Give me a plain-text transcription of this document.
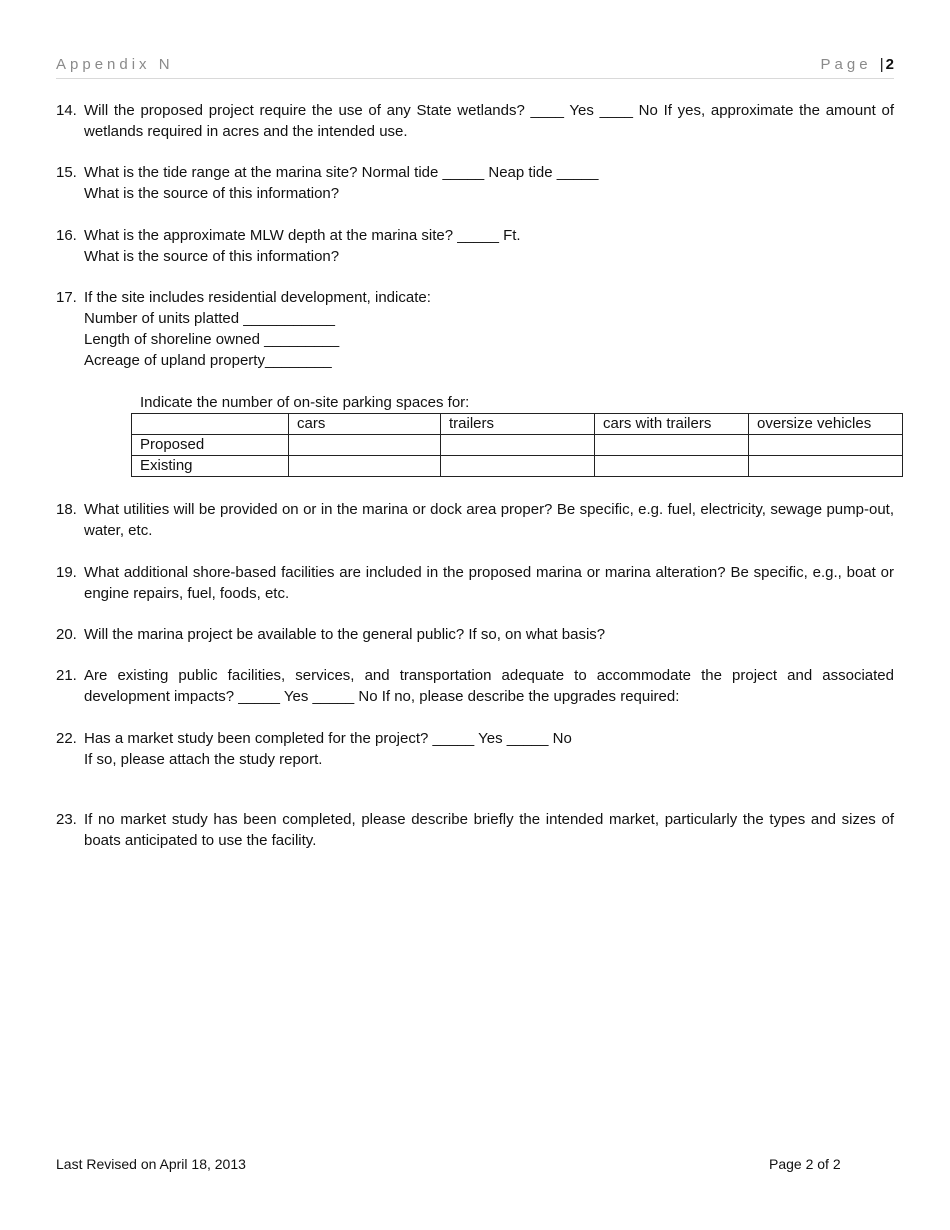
Appendix N	Page |2
14. Will the proposed project require the use of any State wetlands? ____ Yes ____ No If yes, approximate the amount of wetlands required in acres and the intended use.
15. What is the tide range at the marina site? Normal tide _____ Neap tide _____
What is the source of this information?
16. What is the approximate MLW depth at the marina site? _____ Ft.
What is the source of this information?
17. If the site includes residential development, indicate:
Number of units platted ___________
Length of shoreline owned _________
Acreage of upland property________
Indicate the number of on-site parking spaces for:
	cars	trailers	cars with trailers	oversize vehicles
Proposed				
Existing				
18. What utilities will be provided on or in the marina or dock area proper? Be specific, e.g. fuel, electricity, sewage pump-out, water, etc.
19. What additional shore-based facilities are included in the proposed marina or marina alteration? Be specific, e.g., boat or engine repairs, fuel, foods, etc.
20. Will the marina project be available to the general public? If so, on what basis?
21. Are existing public facilities, services, and transportation adequate to accommodate the project and associated development impacts? _____ Yes _____ No If no, please describe the upgrades required:
22. Has a market study been completed for the project? _____ Yes _____ No
If so, please attach the study report.
23. If no market study has been completed, please describe briefly the intended market, particularly the types and sizes of boats anticipated to use the facility.
Last Revised on April 18, 2013	Page 2 of 2
